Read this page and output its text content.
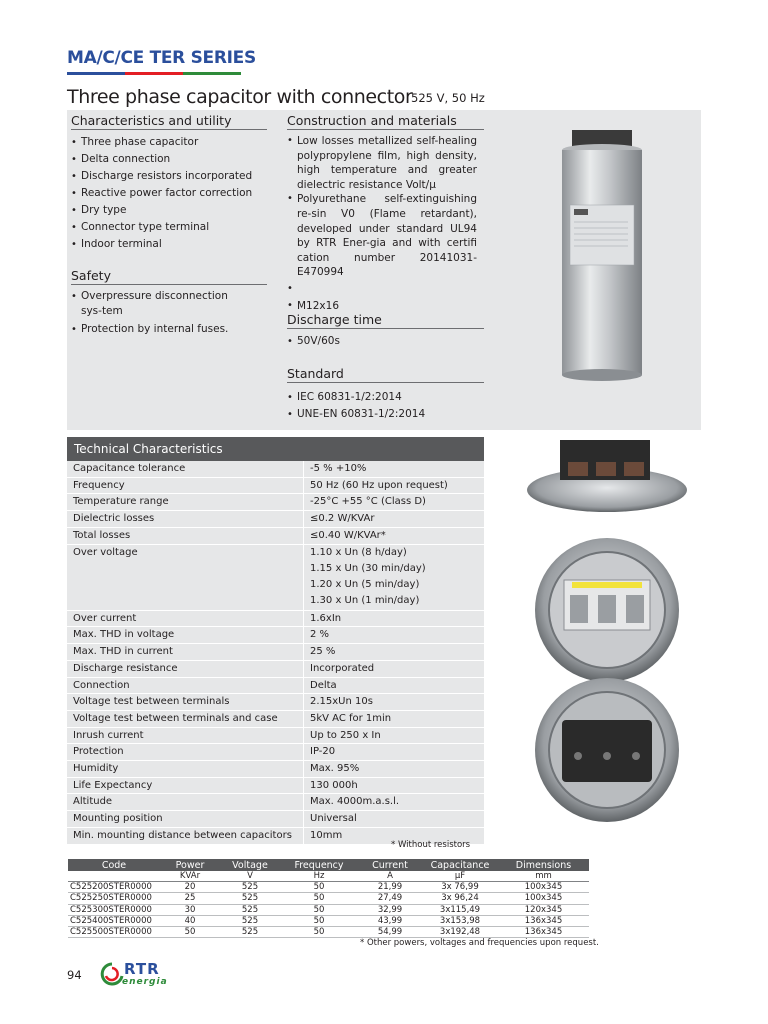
MA/C/CE TER SERIES
Three phase capacitor with connector
525 V, 50 Hz
Characteristics and utility
• Three phase capacitor
• Delta connection
• Discharge resistors incorporated
• Reactive power factor correction
• Dry type
• Connector type terminal
• Indoor terminal
Safety
• Overpressure disconnection sys-tem
• Protection by internal fuses.
Construction and materials
• Low losses metallized self-healing polypropylene film, high density, high temperature and greater dielectric resistance Volt/µ
• Polyurethane self-extinguishing re-sin V0 (Flame retardant), developed under standard UL94 by RTR Ener-gia and with certifi cation number 20141031-E470994
•
• M12x16
Discharge time
• 50V/60s
Standard
• IEC 60831-1/2:2014
• UNE-EN 60831-1/2:2014
Technical Characteristics
Capacitance tolerance	-5 % +10%
Frequency	50 Hz (60 Hz upon request)
Temperature range	-25°C +55 °C (Class D)
Dielectric losses	≤0.2 W/KVAr
Total losses	≤0.40 W/KVAr*
Over voltage	1.10 x Un (8 h/day)
1.15 x Un (30 min/day)
1.20 x Un (5 min/day)
1.30 x Un (1 min/day)
Over current	1.6xIn
Max. THD in voltage	2 %
Max. THD in current	25 %
Discharge resistance	Incorporated
Connection	Delta
Voltage test between terminals	2.15xUn 10s
Voltage test between terminals and case	5kV AC for 1min
Inrush current	Up to 250 x In
Protection	IP-20
Humidity	Max. 95%
Life Expectancy	130 000h
Altitude	Max. 4000m.a.s.l.
Mounting position	Universal
Min. mounting distance between capacitors	10mm
* Without resistors
Code	Power	Voltage	Frequency	Current	Capacitance	Dimensions
	KVAr	V	Hz	A	µF	mm
C525200STER0000	20	525	50	21,99	3x 76,99	100x345
C525250STER0000	25	525	50	27,49	3x 96,24	100x345
C525300STER0000	30	525	50	32,99	3x115,49	120x345
C525400STER0000	40	525	50	43,99	3x153,98	136x345
C525500STER0000	50	525	50	54,99	3x192,48	136x345
* Other powers, voltages and frequencies upon request.
94	RTR
energia
